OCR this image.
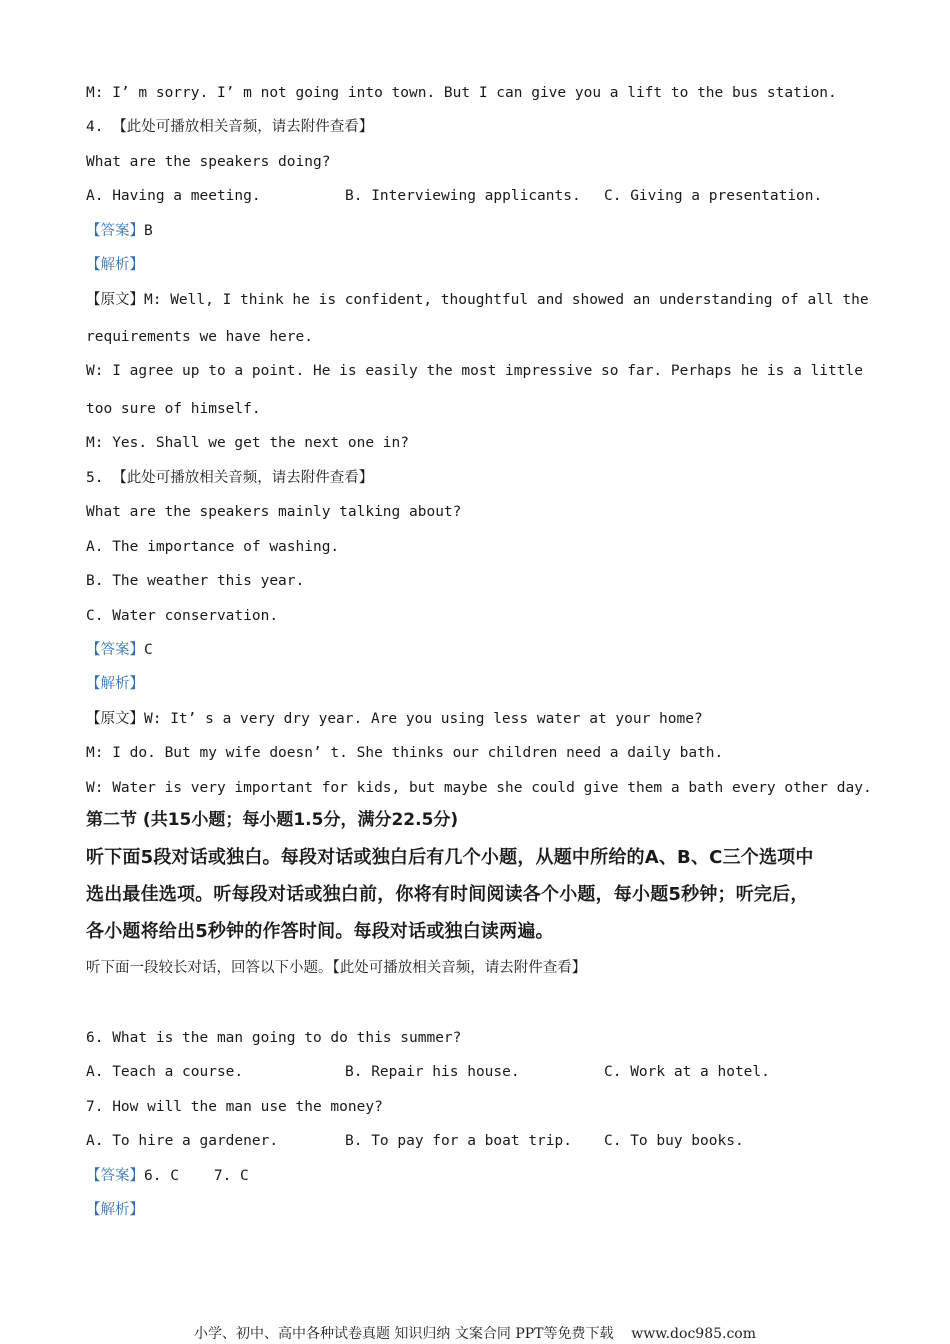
M: I’ m sorry. I’ m not going into town. But I can give you a lift to the bus station.
4. 【此处可播放相关音频，请去附件查看】
What are the speakers doing?
A. Having a meeting.	B. Interviewing applicants. C. Giving a presentation.
【答案】B
【解析】
【原文】M: Well, I think he is confident, thoughtful and showed an understanding of all the
requirements we have here.
W: I agree up to a point. He is easily the most impressive so far. Perhaps he is a little
too sure of himself.
M: Yes. Shall we get the next one in?
5. 【此处可播放相关音频，请去附件查看】
What are the speakers mainly talking about?
A. The importance of washing.
B. The weather this year.
C. Water conservation.
【答案】C
【解析】
【原文】W: It’ s a very dry year. Are you using less water at your home?
M: I do. But my wife doesn’ t. She thinks our children need a daily bath.
W: Water is very important for kids, but maybe she could give them a bath every other day.
第二节 (共15小题；每小题1.5分，满分22.5分)
听下面5段对话或独白。每段对话或独白后有几个小题，从题中所给的A、B、C三个选项中
选出最佳选项。听每段对话或独白前，你将有时间阅读各个小题，每小题5秒钟；听完后，
各小题将给出5秒钟的作答时间。每段对话或独白读两遍。
听下面一段较长对话，回答以下小题。【此处可播放相关音频，请去附件查看】
6. What is the man going to do this summer?
A. Teach a course.	B. Repair his house.	C. Work at a hotel.
7. How will the man use the money?
A. To hire a gardener.	B. To pay for a boat trip. C. To buy books.
【答案】6. C    7. C
【解析】
小学、初中、高中各种试卷真题 知识归纳 文案合同 PPT等免费下载    www.doc985.com
